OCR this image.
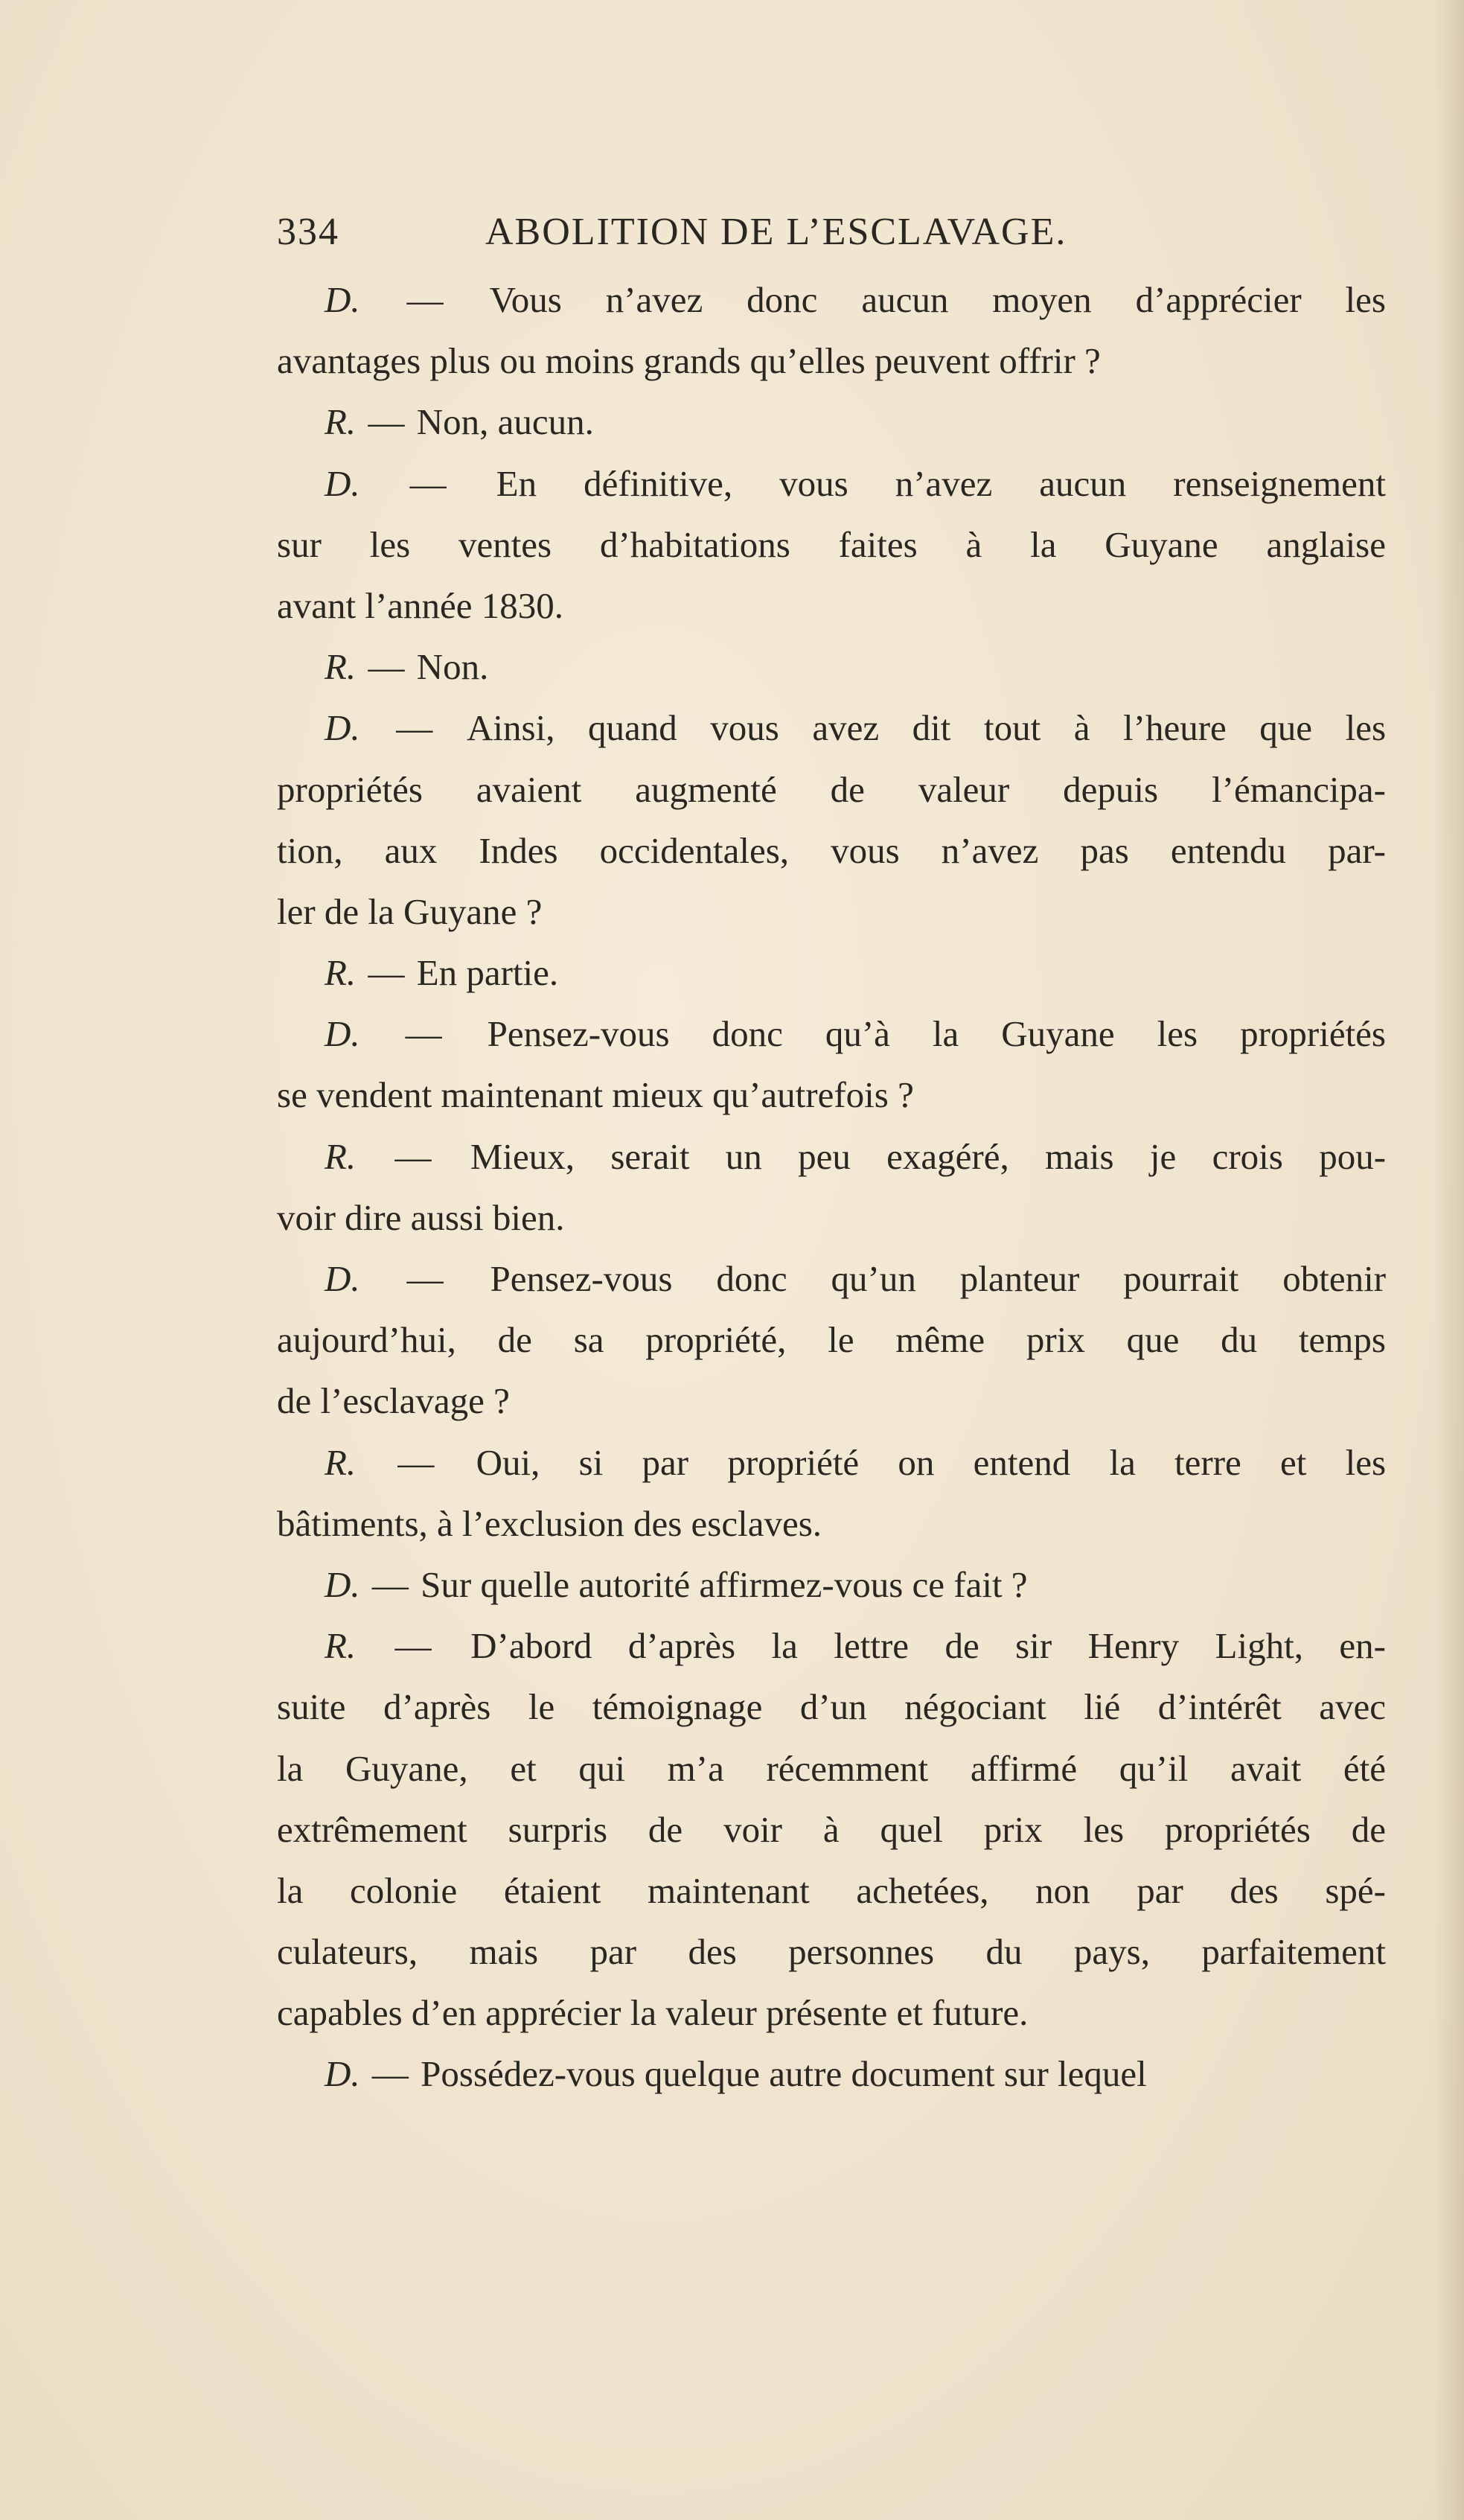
334	ABOLITION DE L’ESCLAVAGE.
D. — Vous n’avez donc aucun moyen d’apprécier les
avantages plus ou moins grands qu’elles peuvent offrir ?
R. — Non, aucun.
D. — En définitive, vous n’avez aucun renseignement
sur les ventes d’habitations faites à la Guyane anglaise
avant l’année 1830.
R. — Non.
D. — Ainsi, quand vous avez dit tout à l’heure que les
propriétés avaient augmenté de valeur depuis l’émancipa-
tion, aux Indes occidentales, vous n’avez pas entendu par-
ler de la Guyane ?
R. — En partie.
D. — Pensez-vous donc qu’à la Guyane les propriétés
se vendent maintenant mieux qu’autrefois ?
R. — Mieux, serait un peu exagéré, mais je crois pou-
voir dire aussi bien.
D. — Pensez-vous donc qu’un planteur pourrait obtenir
aujourd’hui, de sa propriété, le même prix que du temps
de l’esclavage ?
R. — Oui, si par propriété on entend la terre et les
bâtiments, à l’exclusion des esclaves.
D. — Sur quelle autorité affirmez-vous ce fait ?
R. — D’abord d’après la lettre de sir Henry Light, en-
suite d’après le témoignage d’un négociant lié d’intérêt avec
la Guyane, et qui m’a récemment affirmé qu’il avait été
extrêmement surpris de voir à quel prix les propriétés de
la colonie étaient maintenant achetées, non par des spé-
culateurs, mais par des personnes du pays, parfaitement
capables d’en apprécier la valeur présente et future.
D. — Possédez-vous quelque autre document sur lequel
